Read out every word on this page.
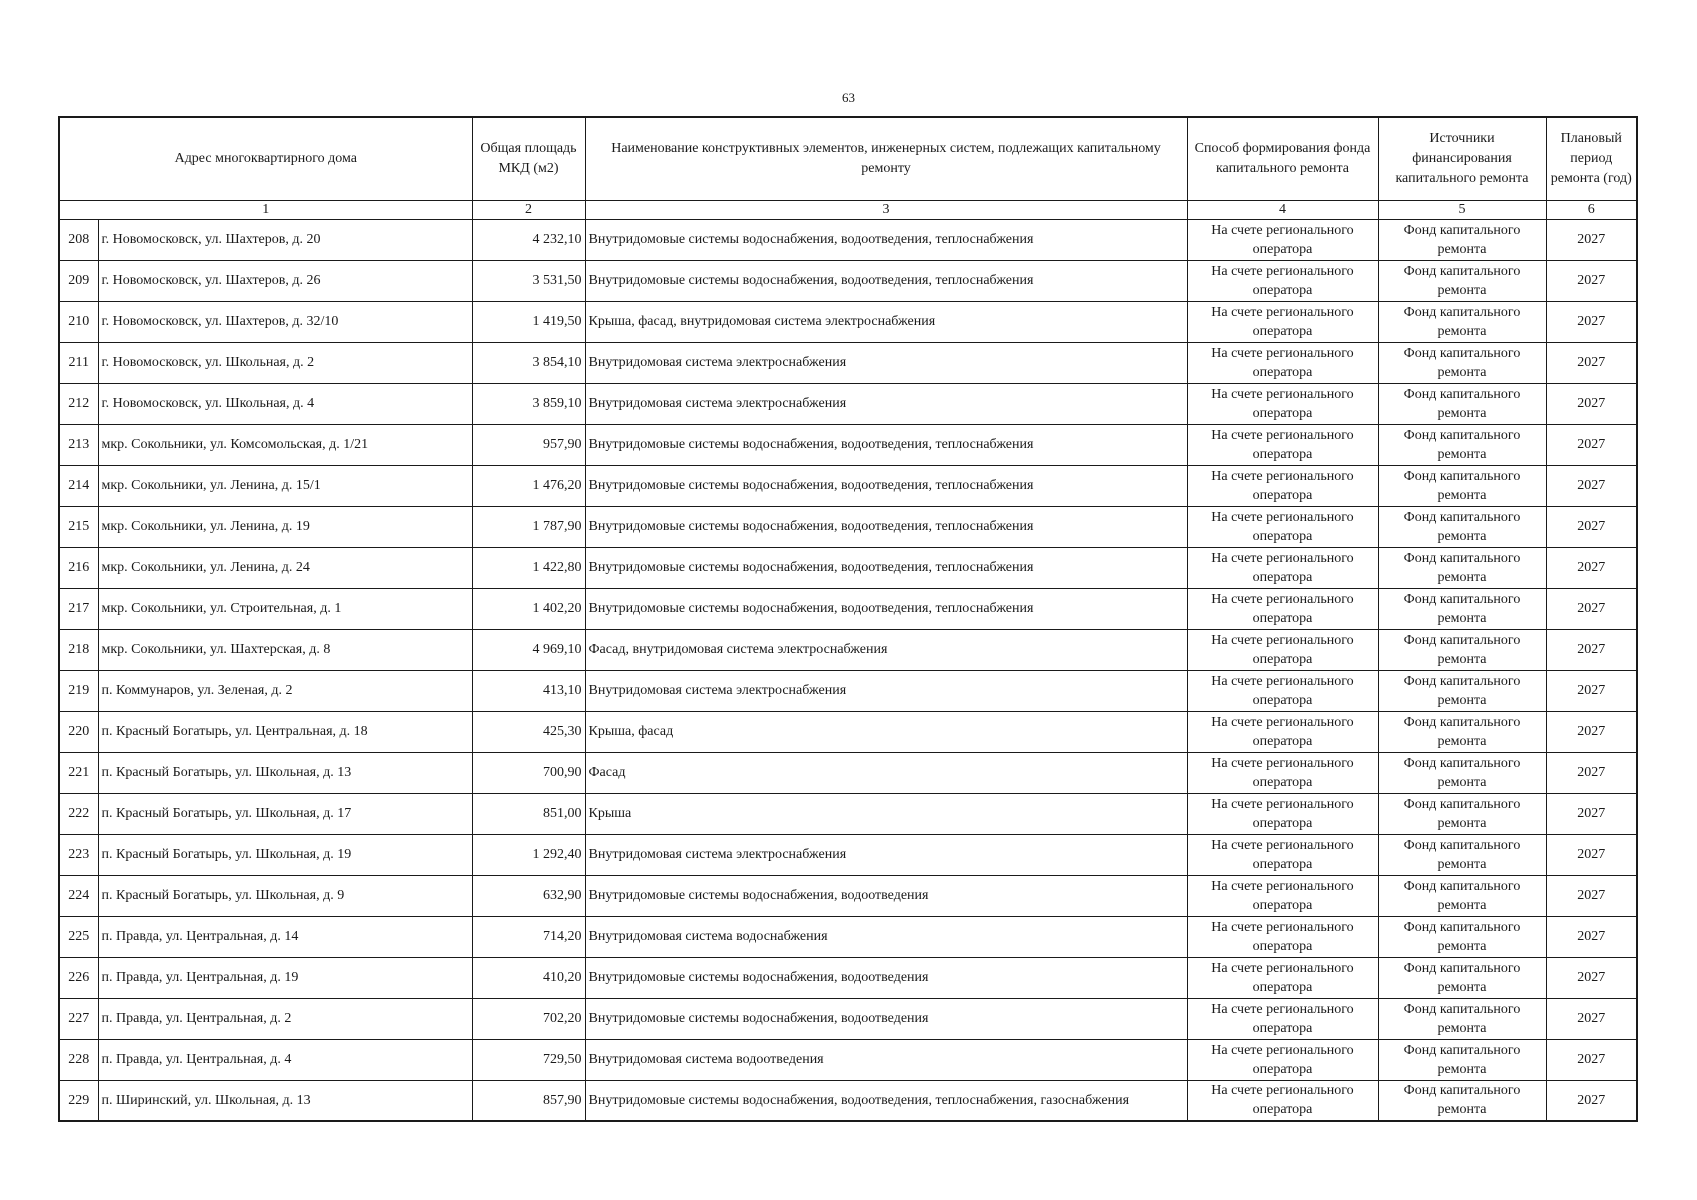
63
Адрес многоквартирного дома		Общая площадь МКД (м2)	Наименование конструктивных элементов, инженерных систем, подлежащих капитальному ремонту	Способ формирования фонда капитального ремонта	Источники финансирования капитального ремонта	Плановый период ремонта (год)
1		2	3	4	5	6
208	г. Новомосковск, ул. Шахтеров, д. 20	4 232,10	Внутридомовые системы водоснабжения, водоотведения, теплоснабжения	На счете регионального оператора	Фонд капитального ремонта	2027
209	г. Новомосковск, ул. Шахтеров, д. 26	3 531,50	Внутридомовые системы водоснабжения, водоотведения, теплоснабжения	На счете регионального оператора	Фонд капитального ремонта	2027
210	г. Новомосковск, ул. Шахтеров, д. 32/10	1 419,50	Крыша, фасад, внутридомовая система электроснабжения	На счете регионального оператора	Фонд капитального ремонта	2027
211	г. Новомосковск, ул. Школьная, д. 2	3 854,10	Внутридомовая система электроснабжения	На счете регионального оператора	Фонд капитального ремонта	2027
212	г. Новомосковск, ул. Школьная, д. 4	3 859,10	Внутридомовая система электроснабжения	На счете регионального оператора	Фонд капитального ремонта	2027
213	мкр. Сокольники, ул. Комсомольская, д. 1/21	957,90	Внутридомовые системы водоснабжения, водоотведения, теплоснабжения	На счете регионального оператора	Фонд капитального ремонта	2027
214	мкр. Сокольники, ул. Ленина, д. 15/1	1 476,20	Внутридомовые системы водоснабжения, водоотведения, теплоснабжения	На счете регионального оператора	Фонд капитального ремонта	2027
215	мкр. Сокольники, ул. Ленина, д. 19	1 787,90	Внутридомовые системы водоснабжения, водоотведения, теплоснабжения	На счете регионального оператора	Фонд капитального ремонта	2027
216	мкр. Сокольники, ул. Ленина, д. 24	1 422,80	Внутридомовые системы водоснабжения, водоотведения, теплоснабжения	На счете регионального оператора	Фонд капитального ремонта	2027
217	мкр. Сокольники, ул. Строительная, д. 1	1 402,20	Внутридомовые системы водоснабжения, водоотведения, теплоснабжения	На счете регионального оператора	Фонд капитального ремонта	2027
218	мкр. Сокольники, ул. Шахтерская, д. 8	4 969,10	Фасад, внутридомовая система электроснабжения	На счете регионального оператора	Фонд капитального ремонта	2027
219	п. Коммунаров, ул. Зеленая, д. 2	413,10	Внутридомовая система электроснабжения	На счете регионального оператора	Фонд капитального ремонта	2027
220	п. Красный Богатырь, ул. Центральная, д. 18	425,30	Крыша, фасад	На счете регионального оператора	Фонд капитального ремонта	2027
221	п. Красный Богатырь, ул. Школьная, д. 13	700,90	Фасад	На счете регионального оператора	Фонд капитального ремонта	2027
222	п. Красный Богатырь, ул. Школьная, д. 17	851,00	Крыша	На счете регионального оператора	Фонд капитального ремонта	2027
223	п. Красный Богатырь, ул. Школьная, д. 19	1 292,40	Внутридомовая система электроснабжения	На счете регионального оператора	Фонд капитального ремонта	2027
224	п. Красный Богатырь, ул. Школьная, д. 9	632,90	Внутридомовые системы водоснабжения, водоотведения	На счете регионального оператора	Фонд капитального ремонта	2027
225	п. Правда, ул. Центральная, д. 14	714,20	Внутридомовая система водоснабжения	На счете регионального оператора	Фонд капитального ремонта	2027
226	п. Правда, ул. Центральная, д. 19	410,20	Внутридомовые системы водоснабжения, водоотведения	На счете регионального оператора	Фонд капитального ремонта	2027
227	п. Правда, ул. Центральная, д. 2	702,20	Внутридомовые системы водоснабжения, водоотведения	На счете регионального оператора	Фонд капитального ремонта	2027
228	п. Правда, ул. Центральная, д. 4	729,50	Внутридомовая система водоотведения	На счете регионального оператора	Фонд капитального ремонта	2027
229	п. Ширинский, ул. Школьная, д. 13	857,90	Внутридомовые системы водоснабжения, водоотведения, теплоснабжения, газоснабжения	На счете регионального оператора	Фонд капитального ремонта	2027
